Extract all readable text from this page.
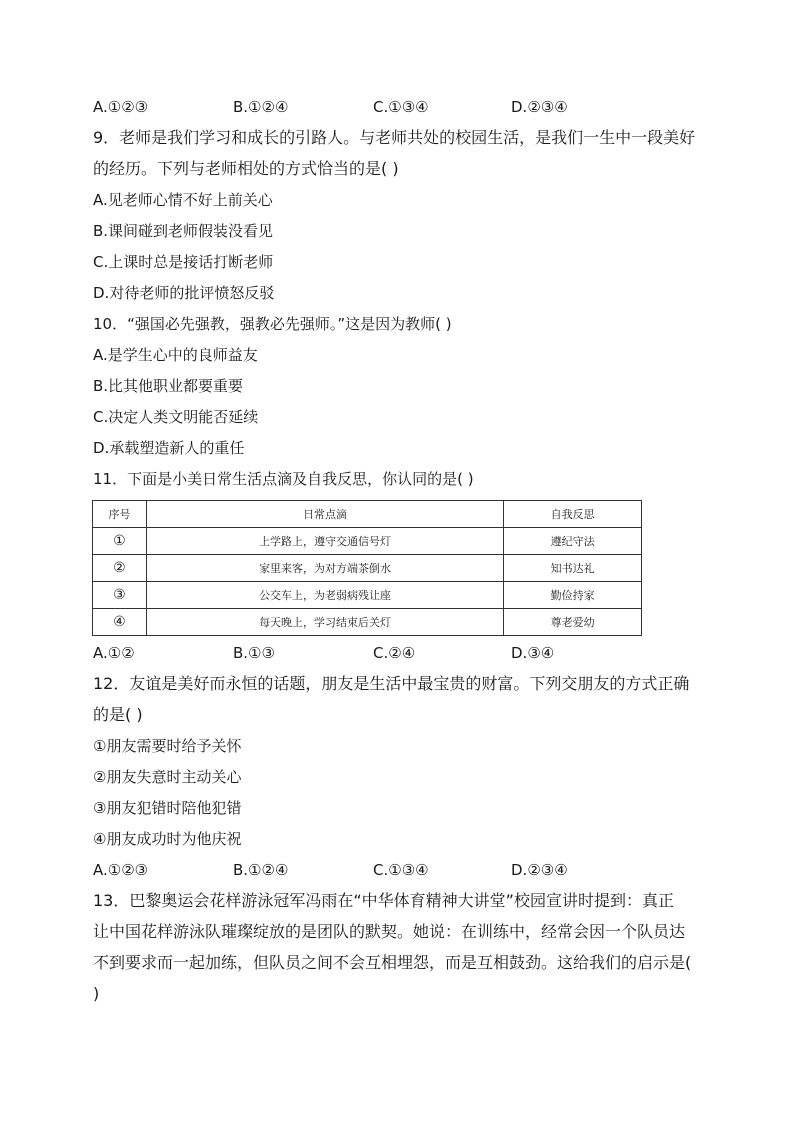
A.①②③	B.①②④	C.①③④	D.②③④
9．老师是我们学习和成长的引路人。与老师共处的校园生活，是我们一生中一段美好
的经历。下列与老师相处的方式恰当的是( )
A.见老师心情不好上前关心
B.课间碰到老师假装没看见
C.上课时总是接话打断老师
D.对待老师的批评愤怒反驳
10．“强国必先强教，强教必先强师。”这是因为教师( )
A.是学生心中的良师益友
B.比其他职业都要重要
C.决定人类文明能否延续
D.承载塑造新人的重任
11．下面是小美日常生活点滴及自我反思，你认同的是( )
序号	日常点滴	自我反思
①	上学路上，遵守交通信号灯	遵纪守法
②	家里来客，为对方端茶倒水	知书达礼
③	公交车上，为老弱病残让座	勤俭持家
④	每天晚上，学习结束后关灯	尊老爱幼
A.①②	B.①③	C.②④	D.③④
12．友谊是美好而永恒的话题，朋友是生活中最宝贵的财富。下列交朋友的方式正确
的是( )
①朋友需要时给予关怀
②朋友失意时主动关心
③朋友犯错时陪他犯错
④朋友成功时为他庆祝
A.①②③	B.①②④	C.①③④	D.②③④
13．巴黎奥运会花样游泳冠军冯雨在“中华体育精神大讲堂”校园宣讲时提到：真正
让中国花样游泳队璀璨绽放的是团队的默契。她说：在训练中，经常会因一个队员达
不到要求而一起加练，但队员之间不会互相埋怨，而是互相鼓劲。这给我们的启示是(
)
